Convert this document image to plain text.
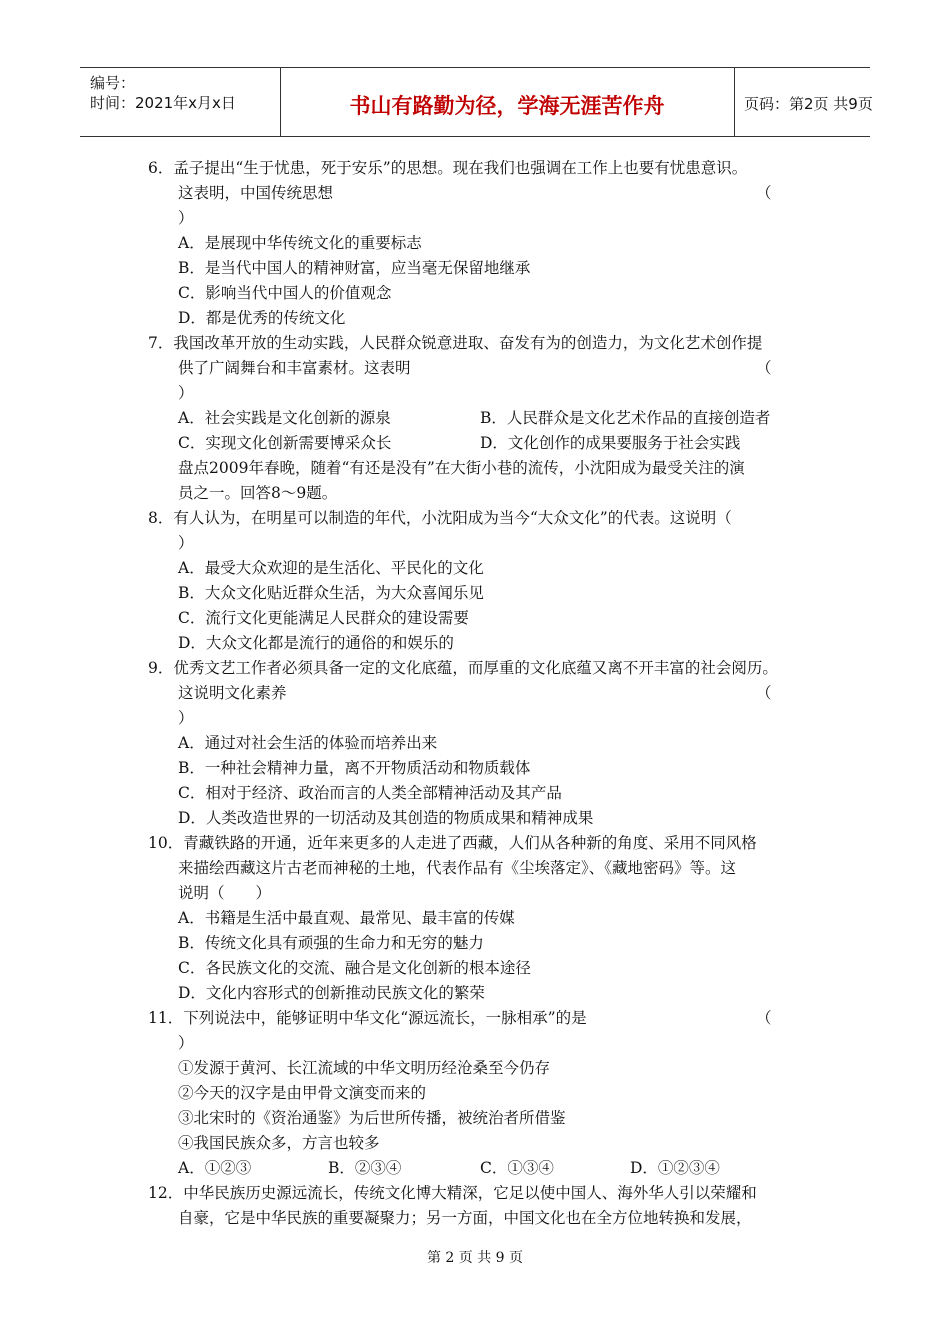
编号：
时间：2021年x月x日	书山有路勤为径，学海无涯苦作舟	页码：第2页 共9页
6．孟子提出“生于忧患，死于安乐”的思想。现在我们也强调在工作上也要有忧患意识。
这表明，中国传统思想	（
）
A．是展现中华传统文化的重要标志
B．是当代中国人的精神财富，应当毫无保留地继承
C．影响当代中国人的价值观念
D．都是优秀的传统文化
7．我国改革开放的生动实践，人民群众锐意进取、奋发有为的创造力，为文化艺术创作提
供了广阔舞台和丰富素材。这表明	（
）
A．社会实践是文化创新的源泉	B．人民群众是文化艺术作品的直接创造者
C．实现文化创新需要博采众长	D．文化创作的成果要服务于社会实践
盘点2009年春晚，随着“有还是没有”在大街小巷的流传，小沈阳成为最受关注的演
员之一。回答8～9题。
8．有人认为，在明星可以制造的年代，小沈阳成为当今“大众文化”的代表。这说明（
）
A．最受大众欢迎的是生活化、平民化的文化
B．大众文化贴近群众生活，为大众喜闻乐见
C．流行文化更能满足人民群众的建设需要
D．大众文化都是流行的通俗的和娱乐的
9．优秀文艺工作者必须具备一定的文化底蕴，而厚重的文化底蕴又离不开丰富的社会阅历。
这说明文化素养	（
）
A．通过对社会生活的体验而培养出来
B．一种社会精神力量，离不开物质活动和物质载体
C．相对于经济、政治而言的人类全部精神活动及其产品
D．人类改造世界的一切活动及其创造的物质成果和精神成果
10．青藏铁路的开通，近年来更多的人走进了西藏，人们从各种新的角度、采用不同风格
来描绘西藏这片古老而神秘的土地，代表作品有《尘埃落定》、《藏地密码》等。这
说明（　　）
A．书籍是生活中最直观、最常见、最丰富的传媒
B．传统文化具有顽强的生命力和无穷的魅力
C．各民族文化的交流、融合是文化创新的根本途径
D．文化内容形式的创新推动民族文化的繁荣
11．下列说法中，能够证明中华文化“源远流长，一脉相承”的是	（
）
①发源于黄河、长江流域的中华文明历经沧桑至今仍存
②今天的汉字是由甲骨文演变而来的
③北宋时的《资治通鉴》为后世所传播，被统治者所借鉴
④我国民族众多，方言也较多
A．①②③	B．②③④	C．①③④	D．①②③④
12．中华民族历史源远流长，传统文化博大精深，它足以使中国人、海外华人引以荣耀和
自豪，它是中华民族的重要凝聚力；另一方面，中国文化也在全方位地转换和发展，
第 2 页 共 9 页
